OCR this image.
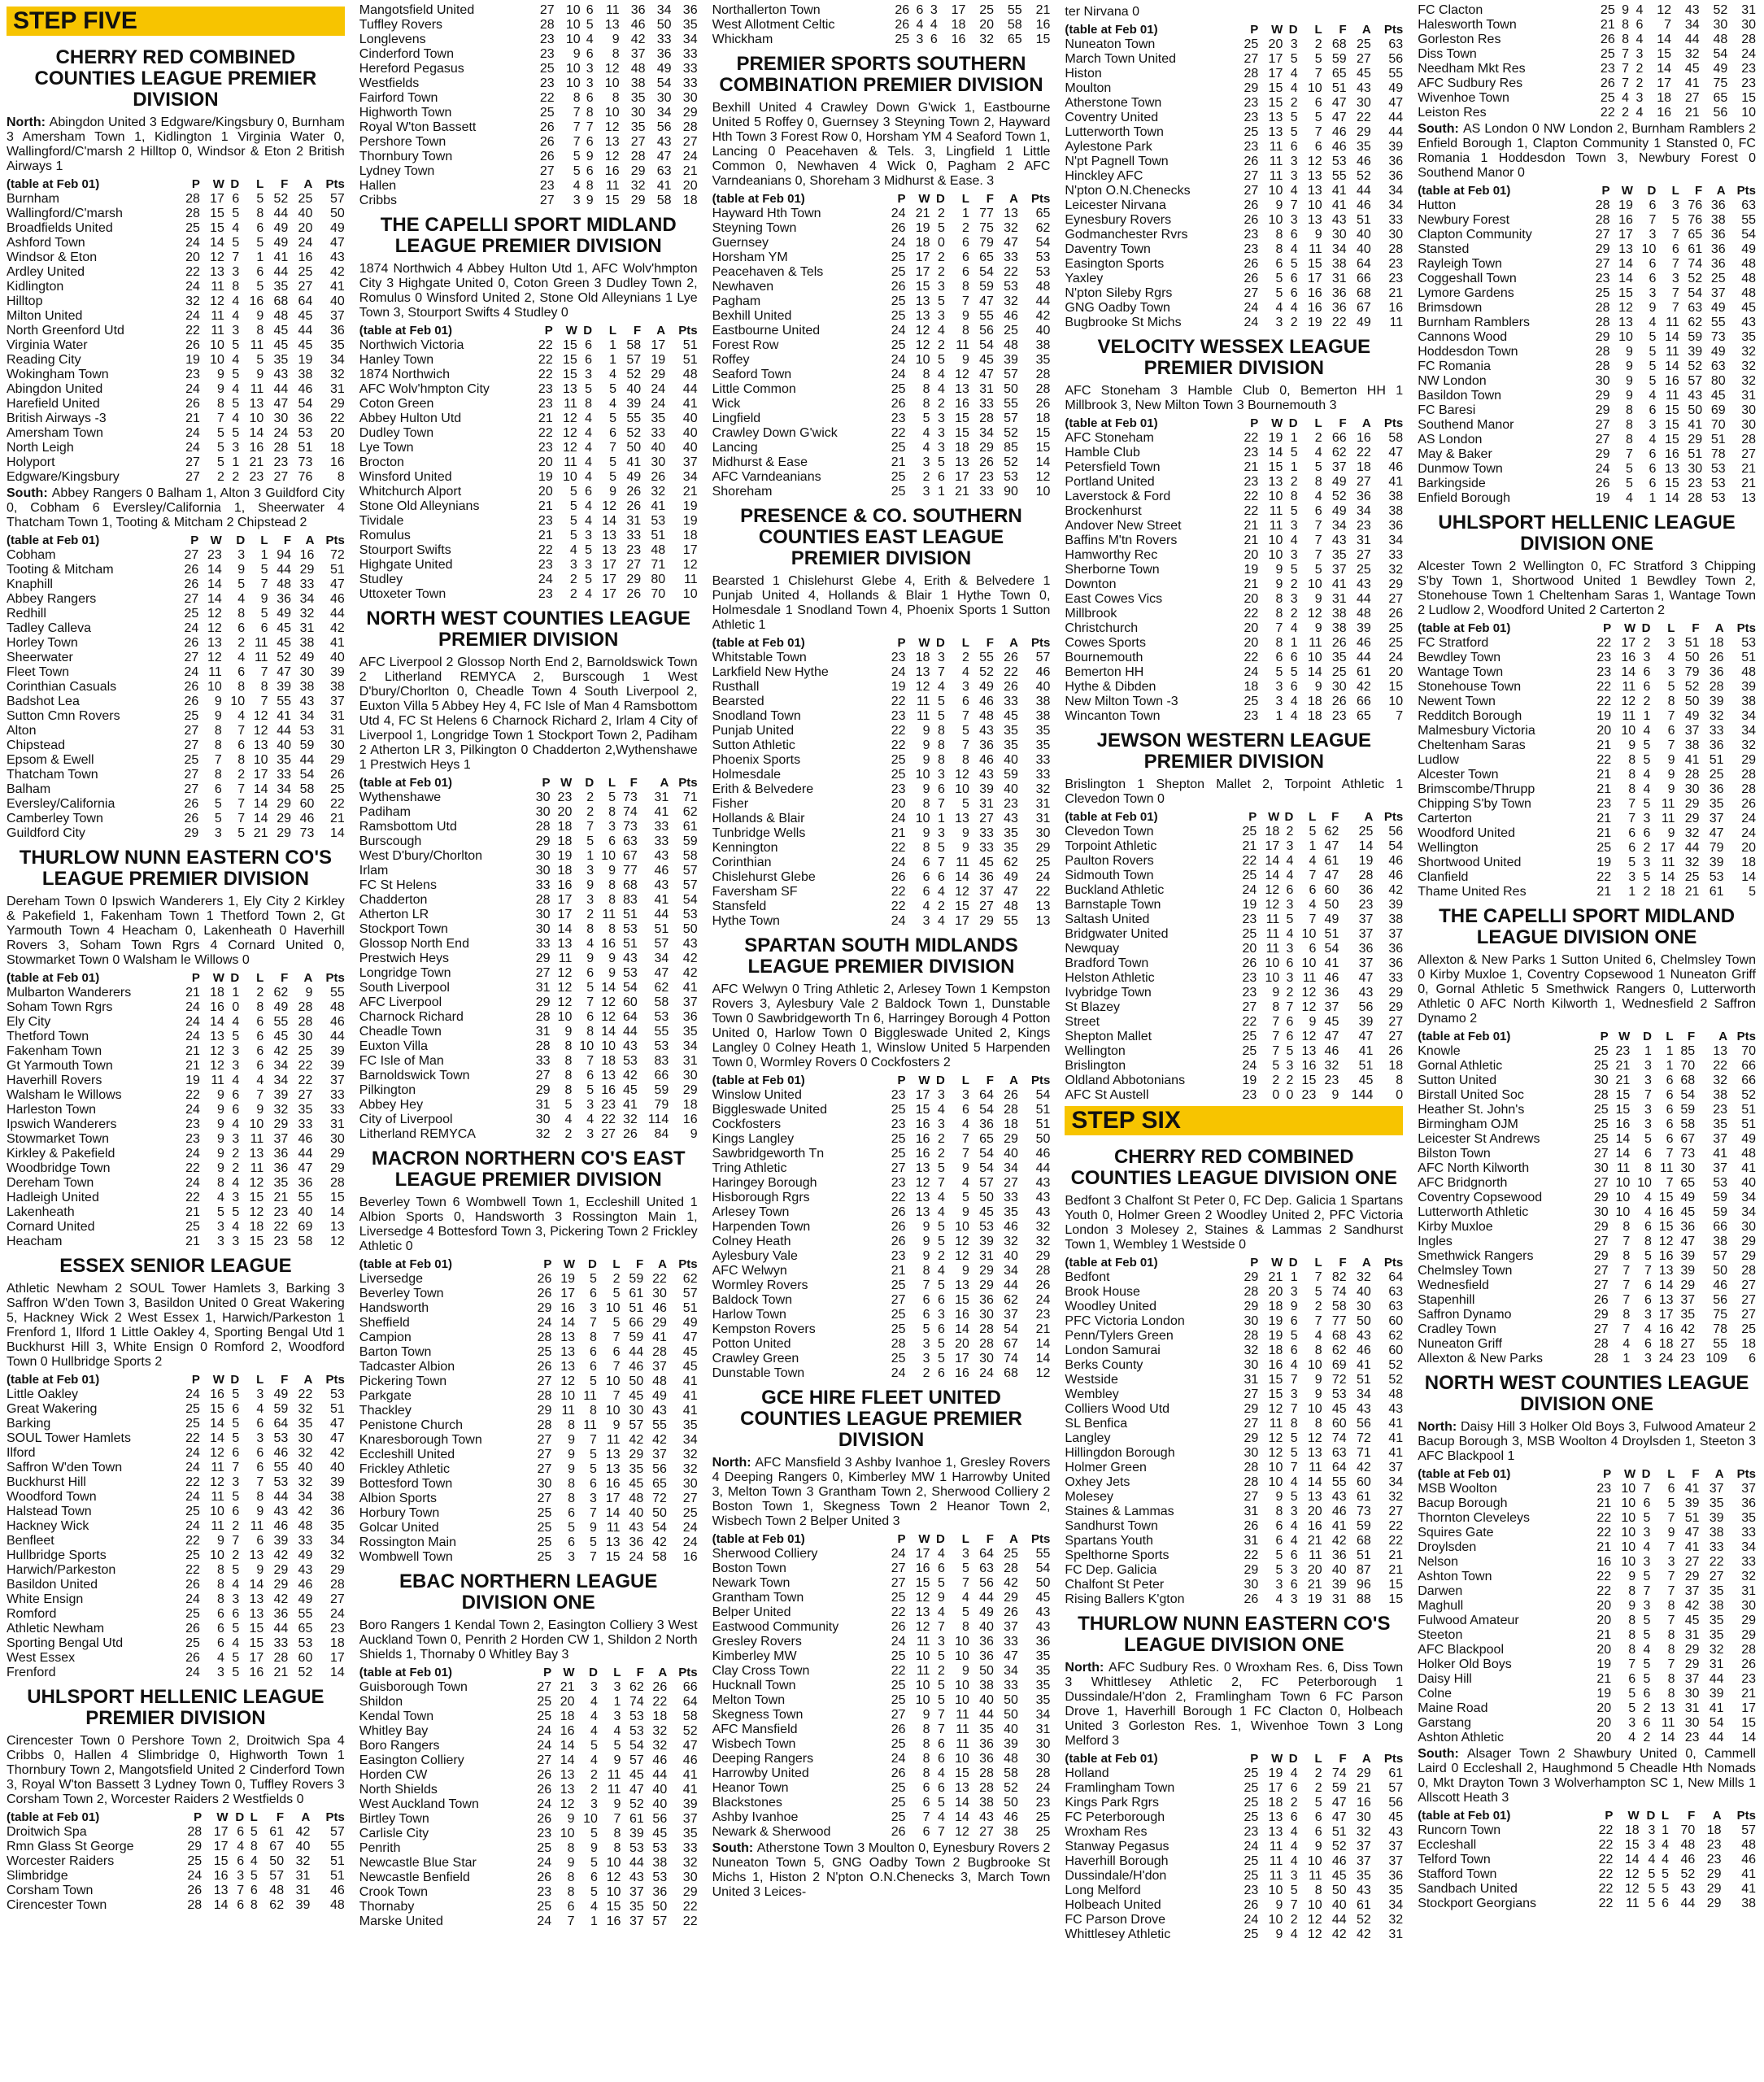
STEP FIVE
CHERRY RED COMBINED COUNTIES LEAGUE PREMIER DIVISION
North: Abingdon United 3 Edgware/Kingsbury 0, Burnham 3 Amersham Town 1, Kidlington 1 Virginia Water 0, Wallingford/C'marsh 2 Hilltop 0, Windsor & Eton 2 British Airways 1
(table at Feb 01)	P	W	D	L	F	A	Pts
Burnham	28	17	6	5	52	25	57
Wallingford/C'marsh	28	15	5	8	44	40	50
Broadfields United	25	15	4	6	49	20	49
Ashford Town	24	14	5	5	49	24	47
Windsor & Eton	20	12	7	1	41	16	43
Ardley United	22	13	3	6	44	25	42
Kidlington	24	11	8	5	35	27	41
Hilltop	32	12	4	16	68	64	40
Milton United	24	11	4	9	48	45	37
North Greenford Utd	22	11	3	8	45	44	36
Virginia Water	26	10	5	11	45	45	35
Reading City	19	10	4	5	35	19	34
Wokingham Town	23	9	5	9	43	38	32
Abingdon United	24	9	4	11	44	46	31
Harefield United	26	8	5	13	47	54	29
British Airways -3	21	7	4	10	30	36	22
Amersham Town	24	5	5	14	24	53	20
North Leigh	24	5	3	16	28	51	18
Holyport	27	5	1	21	23	73	16
Edgware/Kingsbury	27	2	2	23	27	76	8
South: Abbey Rangers 0 Balham 1, Alton 3 Guildford City 0, Cobham 6 Eversley/California 1, Sheerwater 4 Thatcham Town 1, Tooting & Mitcham 2 Chipstead 2
(table at Feb 01)	P	W	D	L	F	A	Pts
Cobham	27	23	3	1	94	16	72
Tooting & Mitcham	26	14	9	5	44	29	51
Knaphill	26	14	5	7	48	33	47
Abbey Rangers	27	14	4	9	36	34	46
Redhill	25	12	8	5	49	32	44
Tadley Calleva	24	12	6	6	45	31	42
Horley Town	26	13	2	11	45	38	41
Sheerwater	27	12	4	11	52	49	40
Fleet Town	24	11	6	7	47	30	39
Corinthian Casuals	26	10	8	8	39	38	38
Badshot Lea	26	9	10	7	55	43	37
Sutton Cmn Rovers	25	9	4	12	41	34	31
Alton	27	8	7	12	44	53	31
Chipstead	27	8	6	13	40	59	30
Epsom & Ewell	25	7	8	10	35	44	29
Thatcham Town	27	8	2	17	33	54	26
Balham	27	6	7	14	34	58	25
Eversley/California	26	5	7	14	29	60	22
Camberley Town	26	5	7	14	29	46	21
Guildford City	29	3	5	21	29	73	14
THURLOW NUNN EASTERN CO'S LEAGUE PREMIER DIVISION
Dereham Town 0 Ipswich Wanderers 1, Ely City 2 Kirkley & Pakefield 1, Fakenham Town 1 Thetford Town 2, Gt Yarmouth Town 4 Heacham 0, Lakenheath 0 Haverhill Rovers 3, Soham Town Rgrs 4 Cornard United 0, Stowmarket Town 0 Walsham le Willows 0
(table at Feb 01)	P	W	D	L	F	A	Pts
Mulbarton Wanderers	21	18	1	2	62	9	55
Soham Town Rgrs	24	16	0	8	49	28	48
Ely City	24	14	4	6	55	28	46
Thetford Town	24	13	5	6	45	30	44
Fakenham Town	21	12	3	6	42	25	39
Gt Yarmouth Town	21	12	3	6	34	22	39
Haverhill Rovers	19	11	4	4	34	22	37
Walsham le Willows	22	9	6	7	39	27	33
Harleston Town	24	9	6	9	32	35	33
Ipswich Wanderers	23	9	4	10	29	33	31
Stowmarket Town	23	9	3	11	37	46	30
Kirkley & Pakefield	24	9	2	13	36	44	29
Woodbridge Town	22	9	2	11	36	47	29
Dereham Town	24	8	4	12	35	36	28
Hadleigh United	22	4	3	15	21	55	15
Lakenheath	21	5	5	12	23	40	14
Cornard United	25	3	4	18	22	69	13
Heacham	21	3	3	15	23	58	12
ESSEX SENIOR LEAGUE
Athletic Newham 2 SOUL Tower Hamlets 3, Barking 3 Saffron W'den Town 3, Basildon United 0 Great Wakering 5, Hackney Wick 2 West Essex 1, Harwich/Parkeston 1 Frenford 1, Ilford 1 Little Oakley 4, Sporting Bengal Utd 1 Buckhurst Hill 3, White Ensign 0 Romford 2, Woodford Town 0 Hullbridge Sports 2
(table at Feb 01)	P	W	D	L	F	A	Pts
Little Oakley	24	16	5	3	49	22	53
Great Wakering	25	15	6	4	59	32	51
Barking	25	14	5	6	64	35	47
SOUL Tower Hamlets	22	14	5	3	53	30	47
Ilford	24	12	6	6	46	32	42
Saffron W'den Town	24	11	7	6	55	40	40
Buckhurst Hill	22	12	3	7	53	32	39
Woodford Town	24	11	5	8	44	34	38
Halstead Town	25	10	6	9	43	42	36
Hackney Wick	24	11	2	11	46	48	35
Benfleet	22	9	7	6	39	33	34
Hullbridge Sports	25	10	2	13	42	49	32
Harwich/Parkeston	22	8	5	9	29	43	29
Basildon United	26	8	4	14	29	46	28
White Ensign	24	8	3	13	42	49	27
Romford	25	6	6	13	36	55	24
Athletic Newham	26	6	5	15	44	65	23
Sporting Bengal Utd	25	6	4	15	33	53	18
West Essex	26	4	5	17	28	60	17
Frenford	24	3	5	16	21	52	14
UHLSPORT HELLENIC LEAGUE PREMIER DIVISION
Cirencester Town 0 Pershore Town 2, Droitwich Spa 4 Cribbs 0, Hallen 4 Slimbridge 0, Highworth Town 1 Thornbury Town 2, Mangotsfield United 2 Cinderford Town 3, Royal W'ton Bassett 3 Lydney Town 0, Tuffley Rovers 3 Corsham Town 2, Worcester Raiders 2 Westfields 0
(table at Feb 01)	P	W	D	L	F	A	Pts
Droitwich Spa	28	17	6	5	61	42	57
Rmn Glass St George	29	17	4	8	67	40	55
Worcester Raiders	25	15	6	4	50	32	51
Slimbridge	24	16	3	5	57	31	51
Corsham Town	26	13	7	6	48	31	46
Cirencester Town	28	14	6	8	62	39	48
Mangotsfield United	27	10	6	11	36	34	36
Tuffley Rovers	28	10	5	13	46	50	35
Longlevens	23	10	4	9	42	33	34
Cinderford Town	23	9	6	8	37	36	33
Hereford Pegasus	25	10	3	12	48	49	33
Westfields	23	10	3	10	38	54	33
Fairford Town	22	8	6	8	35	30	30
Highworth Town	25	7	8	10	30	34	29
Royal W'ton Bassett	26	7	7	12	35	56	28
Pershore Town	26	7	6	13	27	43	27
Thornbury Town	26	5	9	12	28	47	24
Lydney Town	27	5	6	16	29	63	21
Hallen	23	4	8	11	32	41	20
Cribbs	27	3	9	15	29	58	18
THE CAPELLI SPORT MIDLAND LEAGUE PREMIER DIVISION
1874 Northwich 4 Abbey Hulton Utd 1, AFC Wolv'hmpton City 3 Highgate United 0, Coton Green 3 Dudley Town 2, Romulus 0 Winsford United 2, Stone Old Alleynians 1 Lye Town 3, Stourport Swifts 4 Studley 0
(table at Feb 01)	P	W	D	L	F	A	Pts
Northwich Victoria	22	15	6	1	58	17	51
Hanley Town	22	15	6	1	57	19	51
1874 Northwich	22	15	3	4	52	29	48
AFC Wolv'hmpton City	23	13	5	5	40	24	44
Coton Green	23	11	8	4	39	24	41
Abbey Hulton Utd	21	12	4	5	55	35	40
Dudley Town	22	12	4	6	52	33	40
Lye Town	23	12	4	7	50	40	40
Brocton	20	11	4	5	41	30	37
Winsford United	19	10	4	5	49	26	34
Whitchurch Alport	20	5	6	9	26	32	21
Stone Old Alleynians	21	5	4	12	26	41	19
Tividale	23	5	4	14	31	53	19
Romulus	21	5	3	13	33	51	18
Stourport Swifts	22	4	5	13	23	48	17
Highgate United	23	3	3	17	27	71	12
Studley	24	2	5	17	29	80	11
Uttoxeter Town	23	2	4	17	26	70	10
NORTH WEST COUNTIES LEAGUE PREMIER DIVISION
AFC Liverpool 2 Glossop North End 2, Barnoldswick Town 2 Litherland REMYCA 2, Burscough 1 West D'bury/Chorlton 0, Cheadle Town 4 South Liverpool 2, Euxton Villa 5 Abbey Hey 4, FC Isle of Man 4 Ramsbottom Utd 4, FC St Helens 6 Charnock Richard 2, Irlam 4 City of Liverpool 1, Longridge Town 1 Stockport Town 2, Padiham 2 Atherton LR 3, Pilkington 0 Chadderton 2,Wythenshawe 1 Prestwich Heys 1
(table at Feb 01)	P	W	D	L	F	A	Pts
Wythenshawe	30	23	2	5	73	31	71
Padiham	30	20	2	8	74	41	62
Ramsbottom Utd	28	18	7	3	73	33	61
Burscough	29	18	5	6	63	33	59
West D'bury/Chorlton	30	19	1	10	67	43	58
Irlam	30	18	3	9	77	46	57
FC St Helens	33	16	9	8	68	43	57
Chadderton	28	17	3	8	83	41	54
Atherton LR	30	17	2	11	51	44	53
Stockport Town	30	14	8	8	53	51	50
Glossop North End	33	13	4	16	51	57	43
Prestwich Heys	29	11	9	9	43	34	42
Longridge Town	27	12	6	9	53	47	42
South Liverpool	31	12	5	14	54	62	41
AFC Liverpool	29	12	7	12	60	58	37
Charnock Richard	28	10	6	12	64	53	36
Cheadle Town	31	9	8	14	44	55	35
Euxton Villa	28	8	10	10	43	53	34
FC Isle of Man	33	8	7	18	53	83	31
Barnoldswick Town	27	8	6	13	42	66	30
Pilkington	29	8	5	16	45	59	29
Abbey Hey	31	5	3	23	41	79	18
City of Liverpool	30	4	4	22	32	114	16
Litherland REMYCA	32	2	3	27	26	84	9
MACRON NORTHERN CO'S EAST LEAGUE PREMIER DIVISION
Beverley Town 6 Wombwell Town 1, Eccleshill United 1 Albion Sports 0, Handsworth 3 Rossington Main 1, Liversedge 4 Bottesford Town 3, Pickering Town 2 Frickley Athletic 0
(table at Feb 01)	P	W	D	L	F	A	Pts
Liversedge	26	19	5	2	59	22	62
Beverley Town	26	17	6	5	61	30	57
Handsworth	29	16	3	10	51	46	51
Sheffield	24	14	7	5	66	29	49
Campion	28	13	8	7	59	41	47
Barton Town	25	13	6	6	44	28	45
Tadcaster Albion	26	13	6	7	46	37	45
Pickering Town	27	12	5	10	50	48	41
Parkgate	28	10	11	7	45	49	41
Thackley	29	11	8	10	30	43	41
Penistone Church	28	8	11	9	57	55	35
Knaresborough Town	27	9	7	11	42	42	34
Eccleshill United	27	9	5	13	29	37	32
Frickley Athletic	27	9	5	13	35	56	32
Bottesford Town	30	8	6	16	45	65	30
Albion Sports	27	8	3	17	48	72	27
Horbury Town	25	6	7	14	40	50	25
Golcar United	25	5	9	11	43	54	24
Rossington Main	25	6	5	13	36	42	24
Wombwell Town	25	3	7	15	24	58	16
EBAC NORTHERN LEAGUE DIVISION ONE
Boro Rangers 1 Kendal Town 2, Easington Colliery 3 West Auckland Town 0, Penrith 2 Horden CW 1, Shildon 2 North Shields 1, Thornaby 0 Whitley Bay 3
(table at Feb 01)	P	W	D	L	F	A	Pts
Guisborough Town	27	21	3	3	62	26	66
Shildon	25	20	4	1	74	22	64
Kendal Town	25	18	4	3	53	18	58
Whitley Bay	24	16	4	4	53	32	52
Boro Rangers	24	14	5	5	54	32	47
Easington Colliery	27	14	4	9	57	46	46
Horden CW	26	13	2	11	45	44	41
North Shields	26	13	2	11	47	40	41
West Auckland Town	24	12	3	9	52	40	39
Birtley Town	26	9	10	7	61	56	37
Carlisle City	23	10	5	8	39	45	35
Penrith	25	8	9	8	53	53	33
Newcastle Blue Star	24	9	5	10	44	38	32
Newcastle Benfield	26	8	6	12	43	53	30
Crook Town	23	8	5	10	37	36	29
Thornaby	25	6	4	15	35	50	22
Marske United	24	7	1	16	37	57	22
Northallerton Town	26	6	3	17	25	55	21
West Allotment Celtic	26	4	4	18	20	58	16
Whickham	25	3	6	16	32	65	15
PREMIER SPORTS SOUTHERN COMBINATION PREMIER DIVISION
Bexhill United 4 Crawley Down G'wick 1, Eastbourne United 5 Roffey 0, Guernsey 3 Steyning Town 2, Hayward Hth Town 3 Forest Row 0, Horsham YM 4 Seaford Town 1, Lancing 0 Peacehaven & Tels. 3, Lingfield 1 Little Common 0, Newhaven 4 Wick 0, Pagham 2 AFC Varndeanians 0, Shoreham 3 Midhurst & Ease. 3
(table at Feb 01)	P	W	D	L	F	A	Pts
Hayward Hth Town	24	21	2	1	77	13	65
Steyning Town	26	19	5	2	75	32	62
Guernsey	24	18	0	6	79	47	54
Horsham YM	25	17	2	6	65	33	53
Peacehaven & Tels	25	17	2	6	54	22	53
Newhaven	26	15	3	8	59	53	48
Pagham	25	13	5	7	47	32	44
Bexhill United	25	13	3	9	55	46	42
Eastbourne United	24	12	4	8	56	25	40
Forest Row	25	12	2	11	54	48	38
Roffey	24	10	5	9	45	39	35
Seaford Town	24	8	4	12	47	57	28
Little Common	25	8	4	13	31	50	28
Wick	26	8	2	16	33	55	26
Lingfield	23	5	3	15	28	57	18
Crawley Down G'wick	22	4	3	15	34	52	15
Lancing	25	4	3	18	29	85	15
Midhurst & Ease	21	3	5	13	26	52	14
AFC Varndeanians	25	2	6	17	23	53	12
Shoreham	25	3	1	21	33	90	10
PRESENCE & CO. SOUTHERN COUNTIES EAST LEAGUE PREMIER DIVISION
Bearsted 1 Chislehurst Glebe 4, Erith & Belvedere 1 Punjab United 4, Hollands & Blair 1 Hythe Town 0, Holmesdale 1 Snodland Town 4, Phoenix Sports 1 Sutton Athletic 1
(table at Feb 01)	P	W	D	L	F	A	Pts
Whitstable Town	23	18	3	2	55	26	57
Larkfield New Hythe	24	13	7	4	52	22	46
Rusthall	19	12	4	3	49	26	40
Bearsted	22	11	5	6	46	33	38
Snodland Town	23	11	5	7	48	45	38
Punjab United	22	9	8	5	43	35	35
Sutton Athletic	22	9	8	7	36	35	35
Phoenix Sports	25	9	8	8	46	40	33
Holmesdale	25	10	3	12	43	59	33
Erith & Belvedere	23	9	6	10	39	40	32
Fisher	20	8	7	5	31	23	31
Hollands & Blair	24	10	1	13	27	43	31
Tunbridge Wells	21	9	3	9	33	35	30
Kennington	22	8	5	9	33	35	29
Corinthian	24	6	7	11	45	62	25
Chislehurst Glebe	26	6	6	14	36	49	24
Faversham SF	22	6	4	12	37	47	22
Stansfeld	22	4	2	15	27	48	13
Hythe Town	24	3	4	17	29	55	13
SPARTAN SOUTH MIDLANDS LEAGUE PREMIER DIVISION
AFC Welwyn 0 Tring Athletic 2, Arlesey Town 1 Kempston Rovers 3, Aylesbury Vale 2 Baldock Town 1, Dunstable Town 0 Sawbridgeworth Tn 6, Harringey Borough 4 Potton United 0, Harlow Town 0 Biggleswade United 2, Kings Langley 0 Colney Heath 1, Winslow United 5 Harpenden Town 0, Wormley Rovers 0 Cockfosters 2
(table at Feb 01)	P	W	D	L	F	A	Pts
Winslow United	23	17	3	3	64	26	54
Biggleswade United	25	15	4	6	54	28	51
Cockfosters	23	16	3	4	36	18	51
Kings Langley	25	16	2	7	65	29	50
Sawbridgeworth Tn	25	16	2	7	54	40	46
Tring Athletic	27	13	5	9	54	34	44
Haringey Borough	23	12	7	4	57	27	43
Hisborough Rgrs	22	13	4	5	50	33	43
Arlesey Town	26	13	4	9	45	35	43
Harpenden Town	26	9	5	10	53	46	32
Colney Heath	26	9	5	12	39	32	32
Aylesbury Vale	23	9	2	12	31	40	29
AFC Welwyn	21	8	4	9	29	34	28
Wormley Rovers	25	7	5	13	29	44	26
Baldock Town	27	6	6	15	36	62	24
Harlow Town	25	6	3	16	30	37	23
Kempston Rovers	25	5	6	14	28	54	21
Potton United	28	3	5	20	28	67	14
Crawley Green	25	3	5	17	30	74	14
Dunstable Town	24	2	6	16	24	68	12
GCE HIRE FLEET UNITED COUNTIES LEAGUE PREMIER DIVISION
North: AFC Mansfield 3 Ashby Ivanhoe 1, Gresley Rovers 4 Deeping Rangers 0, Kimberley MW 1 Harrowby United 3, Melton Town 3 Grantham Town 2, Sherwood Colliery 2 Boston Town 1, Skegness Town 2 Heanor Town 2, Wisbech Town 2 Belper United 3
(table at Feb 01)	P	W	D	L	F	A	Pts
Sherwood Colliery	24	17	4	3	64	25	55
Boston Town	27	16	6	5	63	28	54
Newark Town	27	15	5	7	56	42	50
Grantham Town	25	12	9	4	44	29	45
Belper United	22	13	4	5	49	26	43
Eastwood Community	26	12	7	8	40	37	43
Gresley Rovers	24	11	3	10	36	33	36
Kimberley MW	25	10	5	10	36	47	35
Clay Cross Town	22	11	2	9	50	34	35
Hucknall Town	25	10	5	10	38	33	35
Melton Town	25	10	5	10	40	50	35
Skegness Town	27	9	7	11	44	50	34
AFC Mansfield	26	8	7	11	35	40	31
Wisbech Town	25	8	6	11	36	39	30
Deeping Rangers	24	8	6	10	36	48	30
Harrowby United	26	8	4	15	28	58	28
Heanor Town	25	6	6	13	28	52	24
Blackstones	25	6	5	14	38	50	23
Ashby Ivanhoe	25	7	4	14	43	46	25
Newark & Sherwood	26	6	7	12	27	38	25
South: Atherstone Town 3 Moulton 0, Eynesbury Rovers 2 Nuneaton Town 5, GNG Oadby Town 2 Bugbrooke St Michs 1, Histon 2 N'pton O.N.Chenecks 3, March Town United 3 Leices-
ter Nirvana 0
(table at Feb 01)	P	W	D	L	F	A	Pts
Nuneaton Town	25	20	3	2	68	25	63
March Town United	27	17	5	5	59	27	56
Histon	28	17	4	7	65	45	55
Moulton	29	15	4	10	51	43	49
Atherstone Town	23	15	2	6	47	30	47
Coventry United	23	13	5	5	47	22	44
Lutterworth Town	25	13	5	7	46	29	44
Aylestone Park	23	11	6	6	46	35	39
N'pt Pagnell Town	26	11	3	12	53	46	36
Hinckley AFC	27	11	3	13	55	52	36
N'pton O.N.Chenecks	27	10	4	13	41	44	34
Leicester Nirvana	26	9	7	10	41	46	34
Eynesbury Rovers	26	10	3	13	43	51	33
Godmanchester Rvrs	23	8	6	9	30	40	30
Daventry Town	23	8	4	11	34	40	28
Easington Sports	26	6	5	15	38	64	23
Yaxley	26	5	6	17	31	66	23
N'pton Sileby Rgrs	27	5	6	16	36	68	21
GNG Oadby Town	24	4	4	16	36	67	16
Bugbrooke St Michs	24	3	2	19	22	49	11
VELOCITY WESSEX LEAGUE PREMIER DIVISION
AFC Stoneham 3 Hamble Club 0, Bemerton HH 1 Millbrook 3, New Milton Town 3 Bournemouth 3
(table at Feb 01)	P	W	D	L	F	A	Pts
AFC Stoneham	22	19	1	2	66	16	58
Hamble Club	23	14	5	4	62	22	47
Petersfield Town	21	15	1	5	37	18	46
Portland United	23	13	2	8	49	27	41
Laverstock & Ford	22	10	8	4	52	36	38
Brockenhurst	22	11	5	6	49	34	38
Andover New Street	21	11	3	7	34	23	36
Baffins M'tn Rovers	21	10	4	7	43	31	34
Hamworthy Rec	20	10	3	7	35	27	33
Sherborne Town	19	9	5	5	37	25	32
Downton	21	9	2	10	41	43	29
East Cowes Vics	20	8	3	9	31	44	27
Millbrook	22	8	2	12	38	48	26
Christchurch	20	7	4	9	38	39	25
Cowes Sports	20	8	1	11	26	46	25
Bournemouth	22	6	6	10	35	44	24
Bemerton HH	24	5	5	14	25	61	20
Hythe & Dibden	18	3	6	9	30	42	15
New Milton Town -3	25	3	4	18	26	66	10
Wincanton Town	23	1	4	18	23	65	7
JEWSON WESTERN LEAGUE PREMIER DIVISION
Brislington 1 Shepton Mallet 2, Torpoint Athletic 1 Clevedon Town 0
(table at Feb 01)	P	W	D	L	F	A	Pts
Clevedon Town	25	18	2	5	62	25	56
Torpoint Athletic	21	17	3	1	47	14	54
Paulton Rovers	22	14	4	4	61	19	46
Sidmouth Town	25	14	4	7	47	28	46
Buckland Athletic	24	12	6	6	60	36	42
Barnstaple Town	19	12	3	4	50	23	39
Saltash United	23	11	5	7	49	37	38
Bridgwater United	25	11	4	10	51	37	37
Newquay	20	11	3	6	54	36	36
Bradford Town	26	10	6	10	41	37	36
Helston Athletic	23	10	3	11	46	47	33
Ivybridge Town	23	9	2	12	36	43	29
St Blazey	27	8	7	12	37	56	29
Street	22	7	6	9	45	39	27
Shepton Mallet	25	7	6	12	47	47	27
Wellington	25	7	5	13	46	41	26
Brislington	24	5	3	16	32	51	18
Oldland Abbotonians	19	2	2	15	23	45	8
AFC St Austell	23	0	0	23	9	144	0
STEP SIX
CHERRY RED COMBINED COUNTIES LEAGUE DIVISION ONE
Bedfont 3 Chalfont St Peter 0, FC Dep. Galicia 1 Spartans Youth 0, Holmer Green 2 Woodley United 2, PFC Victoria London 3 Molesey 2, Staines & Lammas 2 Sandhurst Town 1, Wembley 1 Westside 0
(table at Feb 01)	P	W	D	L	F	A	Pts
Bedfont	29	21	1	7	82	32	64
Brook House	28	20	3	5	74	40	63
Woodley United	29	18	9	2	58	30	63
PFC Victoria London	30	19	6	7	77	50	60
Penn/Tylers Green	28	19	5	4	68	43	62
London Samurai	32	18	6	8	62	46	60
Berks County	30	16	4	10	69	41	52
Westside	31	15	7	9	72	51	52
Wembley	27	15	3	9	53	34	48
Colliers Wood Utd	29	12	7	10	45	43	43
SL Benfica	27	11	8	8	60	56	41
Langley	29	12	5	12	74	72	41
Hillingdon Borough	30	12	5	13	63	71	41
Holmer Green	28	10	7	11	64	42	37
Oxhey Jets	28	10	4	14	55	60	34
Molesey	27	9	5	13	43	61	32
Staines & Lammas	31	8	3	20	46	73	27
Sandhurst Town	26	6	4	16	41	59	22
Spartans Youth	31	6	4	21	42	68	22
Spelthorne Sports	22	5	6	11	36	51	21
FC Dep. Galicia	29	5	3	20	40	87	21
Chalfont St Peter	30	3	6	21	39	96	15
Rising Ballers K'gton	26	4	3	19	31	88	15
THURLOW NUNN EASTERN CO'S LEAGUE DIVISION ONE
North: AFC Sudbury Res. 0 Wroxham Res. 6, Diss Town 3 Whittlesey Athletic 2, FC Peterborough 1 Dussindale/H'don 2, Framlingham Town 6 FC Parson Drove 1, Haverhill Borough 1 FC Clacton 0, Holbeach United 3 Gorleston Res. 1, Wivenhoe Town 3 Long Melford 3
(table at Feb 01)	P	W	D	L	F	A	Pts
Holland	25	19	4	2	74	29	61
Framlingham Town	25	17	6	2	59	21	57
Kings Park Rgrs	25	18	2	5	47	16	56
FC Peterborough	25	13	6	6	47	30	45
Wroxham Res	23	13	4	6	51	32	43
Stanway Pegasus	24	11	4	9	52	37	37
Haverhill Borough	25	11	4	10	46	37	37
Dussindale/H'don	25	11	3	11	45	35	36
Long Melford	23	10	5	8	50	43	35
Holbeach United	26	9	7	10	40	61	34
FC Parson Drove	24	10	2	12	44	52	32
Whittlesey Athletic	25	9	4	12	42	42	31
FC Clacton	25	9	4	12	43	52	31
Halesworth Town	21	8	6	7	34	30	30
Gorleston Res	26	8	4	14	44	48	28
Diss Town	25	7	3	15	32	54	24
Needham Mkt Res	23	7	2	14	45	49	23
AFC Sudbury Res	26	7	2	17	41	75	23
Wivenhoe Town	25	4	3	18	27	65	15
Leiston Res	22	2	4	16	21	56	10
South: AS London 0 NW London 2, Burnham Ramblers 2 Enfield Borough 1, Clapton Community 1 Stansted 0, FC Romania 1 Hoddesdon Town 3, Newbury Forest 0 Southend Manor 0
(table at Feb 01)	P	W	D	L	F	A	Pts
Hutton	28	19	6	3	76	36	63
Newbury Forest	28	16	7	5	76	38	55
Clapton Community	27	17	3	7	65	36	54
Stansted	29	13	10	6	61	36	49
Rayleigh Town	27	14	6	7	74	36	48
Coggeshall Town	23	14	6	3	52	25	48
Lymore Gardens	25	15	3	7	54	37	48
Brimsdown	28	12	9	7	63	49	45
Burnham Ramblers	28	13	4	11	62	55	43
Cannons Wood	29	10	5	14	59	73	35
Hoddesdon Town	28	9	5	11	39	49	32
FC Romania	28	9	5	14	52	63	32
NW London	30	9	5	16	57	80	32
Basildon Town	29	9	4	11	43	45	31
FC Baresi	29	8	6	15	50	69	30
Southend Manor	27	8	3	15	41	70	30
AS London	27	8	4	15	29	51	28
May & Baker	29	7	6	16	51	78	27
Dunmow Town	24	5	6	13	30	53	21
Barkingside	26	5	6	15	23	53	21
Enfield Borough	19	4	1	14	28	53	13
UHLSPORT HELLENIC LEAGUE DIVISION ONE
Alcester Town 2 Wellington 0, FC Stratford 3 Chipping S'by Town 1, Shortwood United 1 Bewdley Town 2, Stonehouse Town 1 Cheltenham Saras 1, Wantage Town 2 Ludlow 2, Woodford United 2 Carterton 2
(table at Feb 01)	P	W	D	L	F	A	Pts
FC Stratford	22	17	2	3	51	18	53
Bewdley Town	23	16	3	4	50	26	51
Wantage Town	23	14	6	3	79	36	48
Stonehouse Town	22	11	6	5	52	28	39
Newent Town	22	12	2	8	50	39	38
Redditch Borough	19	11	1	7	49	32	34
Malmesbury Victoria	20	10	4	6	37	33	34
Cheltenham Saras	21	9	5	7	38	36	32
Ludlow	22	8	5	9	41	51	29
Alcester Town	21	8	4	9	28	25	28
Brimscombe/Thrupp	21	8	4	9	30	36	28
Chipping S'by Town	23	7	5	11	29	35	26
Carterton	21	7	3	11	29	37	24
Woodford United	21	6	6	9	32	47	24
Wellington	25	6	2	17	44	79	20
Shortwood United	19	5	3	11	32	39	18
Clanfield	22	3	5	14	25	53	14
Thame United Res	21	1	2	18	21	61	5
THE CAPELLI SPORT MIDLAND LEAGUE DIVISION ONE
Allexton & New Parks 1 Sutton United 6, Chelmsley Town 0 Kirby Muxloe 1, Coventry Copsewood 1 Nuneaton Griff 0, Gornal Athletic 5 Smethwick Rangers 0, Lutterworth Athletic 0 AFC North Kilworth 1, Wednesfield 2 Saffron Dynamo 2
(table at Feb 01)	P	W	D	L	F	A	Pts
Knowle	25	23	1	1	85	13	70
Gornal Athletic	25	21	3	1	70	22	66
Sutton United	30	21	3	6	68	32	66
Birstall United Soc	28	15	7	6	54	38	52
Heather St. John's	25	15	3	6	59	23	51
Birmingham OJM	25	16	3	6	58	35	51
Leicester St Andrews	25	14	5	6	67	37	49
Bilston Town	27	14	6	7	73	41	48
AFC North Kilworth	30	11	8	11	30	37	41
AFC Bridgnorth	27	10	10	7	65	53	40
Coventry Copsewood	29	10	4	15	49	59	34
Lutterworth Athletic	30	10	4	16	45	59	34
Kirby Muxloe	29	8	6	15	36	66	30
Ingles	27	7	8	12	47	38	29
Smethwick Rangers	29	8	5	16	39	57	29
Chelmsley Town	27	7	7	13	39	50	28
Wednesfield	27	7	6	14	29	46	27
Stapenhill	26	7	6	13	37	56	27
Saffron Dynamo	29	8	3	17	35	75	27
Cradley Town	27	7	4	16	42	78	25
Nuneaton Griff	28	4	6	18	27	55	18
Allexton & New Parks	28	1	3	24	23	109	6
NORTH WEST COUNTIES LEAGUE DIVISION ONE
North: Daisy Hill 3 Holker Old Boys 3, Fulwood Amateur 2 Bacup Borough 3, MSB Woolton 4 Droylsden 1, Steeton 3 AFC Blackpool 1
(table at Feb 01)	P	W	D	L	F	A	Pts
MSB Woolton	23	10	7	6	41	37	37
Bacup Borough	21	10	6	5	39	35	36
Thornton Cleveleys	22	10	5	7	51	39	35
Squires Gate	22	10	3	9	47	38	33
Droylsden	21	10	4	7	41	33	34
Nelson	16	10	3	3	27	22	33
Ashton Town	22	9	5	7	29	27	32
Darwen	22	8	7	7	37	35	31
Maghull	20	9	3	8	42	38	30
Fulwood Amateur	20	8	5	7	45	35	29
Steeton	21	8	5	8	31	35	29
AFC Blackpool	20	8	4	8	29	32	28
Holker Old Boys	19	7	5	7	29	31	26
Daisy Hill	21	6	5	8	37	44	23
Colne	19	5	6	8	30	39	21
Maine Road	20	5	2	13	31	41	17
Garstang	20	3	6	11	30	54	15
Ashton Athletic	20	4	2	14	23	44	14
South: Alsager Town 2 Shawbury United 0, Cammell Laird 0 Eccleshall 2, Haughmond 5 Cheadle Hth Nomads 0, Mkt Drayton Town 3 Wolverhampton SC 1, New Mills 1 Allscott Heath 3
(table at Feb 01)	P	W	D	L	F	A	Pts
Runcorn Town	22	18	3	1	70	18	57
Eccleshall	22	15	3	4	48	23	48
Telford Town	22	14	4	4	46	23	46
Stafford Town	22	12	5	5	52	29	41
Sandbach United	22	12	5	5	43	29	41
Stockport Georgians	22	11	5	6	44	29	38
